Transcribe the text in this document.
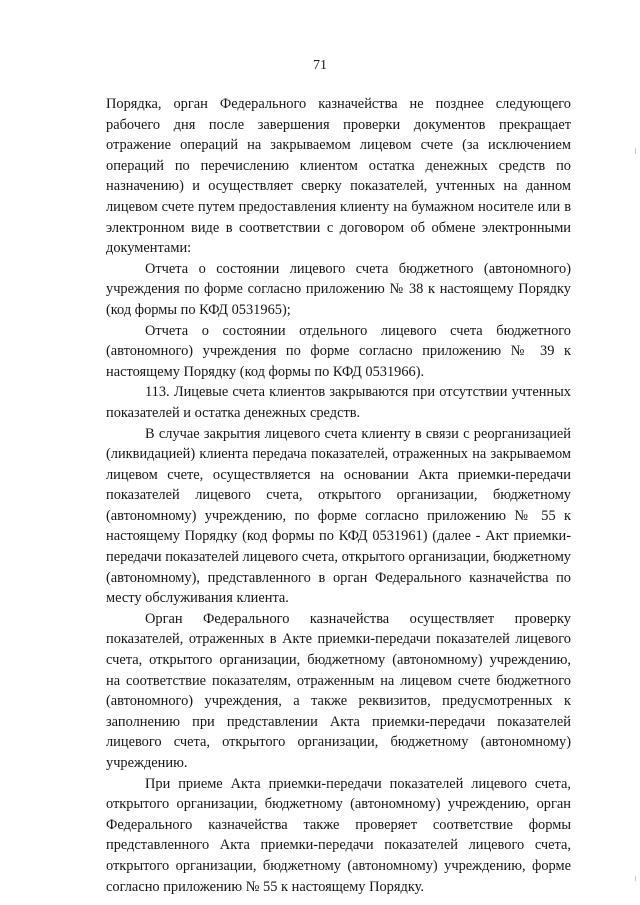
71

Порядка, орган Федерального казначейства не позднее следующего рабочего дня после завершения проверки документов прекращает отражение операций на закрываемом лицевом счете (за исключением операций по перечислению клиентом остатка денежных средств по назначению) и осуществляет сверку показателей, учтенных на данном лицевом счете путем предоставления клиенту на бумажном носителе или в электронном виде в соответствии с договором об обмене электронными документами:

Отчета о состоянии лицевого счета бюджетного (автономного) учреждения по форме согласно приложению № 38 к настоящему Порядку (код формы по КФД 0531965);

Отчета о состоянии отдельного лицевого счета бюджетного (автономного) учреждения по форме согласно приложению № 39 к настоящему Порядку (код формы по КФД 0531966).

113. Лицевые счета клиентов закрываются при отсутствии учтенных показателей и остатка денежных средств.

В случае закрытия лицевого счета клиенту в связи с реорганизацией (ликвидацией) клиента передача показателей, отраженных на закрываемом лицевом счете, осуществляется на основании Акта приемки-передачи показателей лицевого счета, открытого организации, бюджетному (автономному) учреждению, по форме согласно приложению № 55 к настоящему Порядку (код формы по КФД 0531961) (далее - Акт приемки-передачи показателей лицевого счета, открытого организации, бюджетному (автономному), представленного в орган Федерального казначейства по месту обслуживания клиента.

Орган Федерального казначейства осуществляет проверку показателей, отраженных в Акте приемки-передачи показателей лицевого счета, открытого организации, бюджетному (автономному) учреждению, на соответствие показателям, отраженным на лицевом счете бюджетного (автономного) учреждения, а также реквизитов, предусмотренных к заполнению при представлении Акта приемки-передачи показателей лицевого счета, открытого организации, бюджетному (автономному) учреждению.

При приеме Акта приемки-передачи показателей лицевого счета, открытого организации, бюджетному (автономному) учреждению, орган Федерального казначейства также проверяет соответствие формы представленного Акта приемки-передачи показателей лицевого счета, открытого организации, бюджетному (автономному) учреждению, форме согласно приложению № 55 к настоящему Порядку.
